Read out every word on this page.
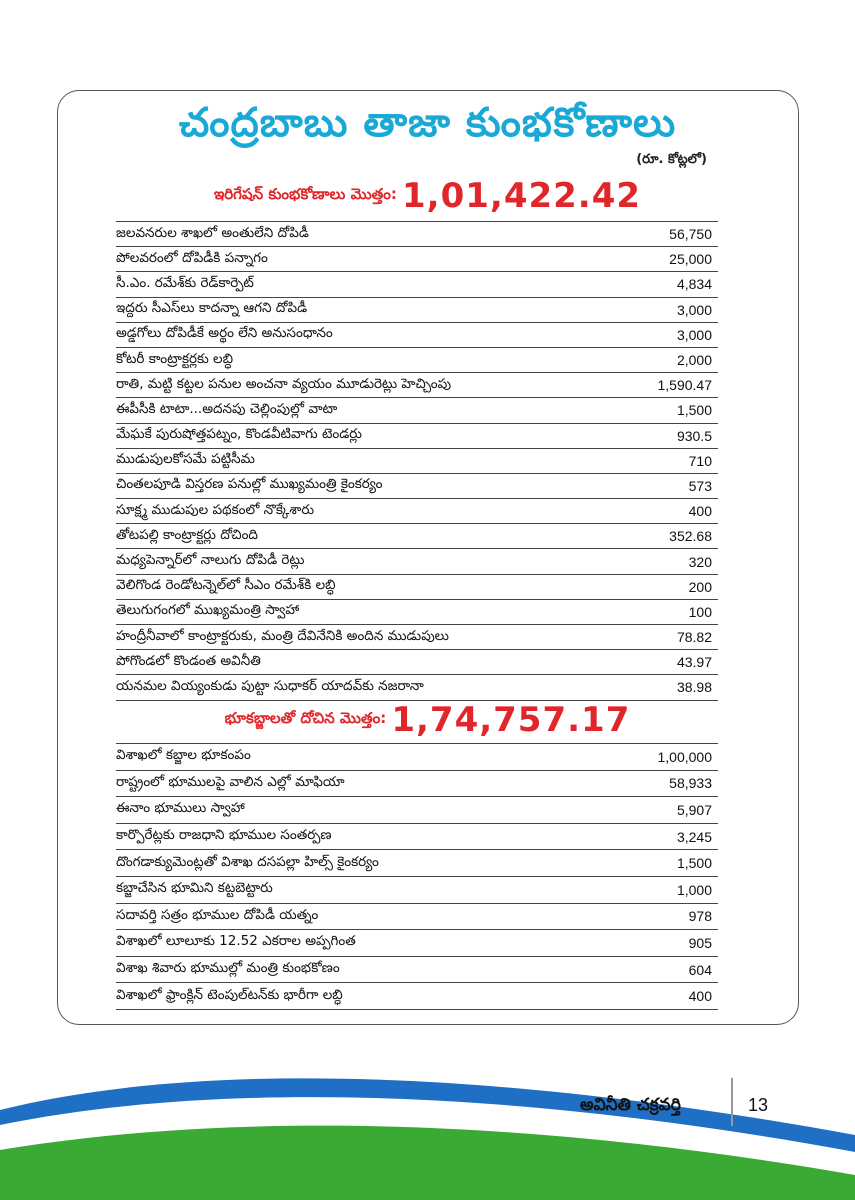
చంద్రబాబు తాజా కుంభకోణాలు
(రూ. కోట్లలో)
ఇరిగేషన్ కుంభకోణాలు మొత్తం: 1,01,422.42
జలవనరుల శాఖలో అంతులేని దోపిడీ	56,750
పోలవరంలో దోపిడీకి పన్నాగం	25,000
సీ.ఎం. రమేశ్‌కు రెడ్‌కార్పెట్	4,834
ఇద్దరు సీఎస్‌లు కాదన్నా ఆగని దోపిడీ	3,000
అడ్డగోలు దోపిడీకే అర్థం లేని అనుసంధానం	3,000
కోటరీ కాంట్రాక్టర్లకు లబ్ధి	2,000
రాతి, మట్టి కట్టల పనుల అంచనా వ్యయం మూడురెట్లు హెచ్చింపు	1,590.47
ఈపీసీకి టాటా...అదనపు చెల్లింపుల్లో వాటా	1,500
మేఘకే పురుషోత్తపట్నం, కొండవీటివాగు టెండర్లు	930.5
ముడుపులకోసమే పట్టిసీమ	710
చింతలపూడి విస్తరణ పనుల్లో ముఖ్యమంత్రి కైంకర్యం	573
సూక్ష్మ ముడుపుల పథకంలో నొక్కేశారు	400
తోటపల్లి కాంట్రాక్టర్లు దోచింది	352.68
మధ్యపెన్నార్‌లో నాలుగు దోపిడీ రెట్లు	320
వెలిగొండ రెండోటన్నెల్‌లో సీఎం రమేశ్‌కి లబ్ధి	200
తెలుగుగంగలో ముఖ్యమంత్రి స్వాహా	100
హంద్రీనీవాలో కాంట్రాక్టరుకు, మంత్రి దేవినేనికి అందిన ముడుపులు	78.82
పోగొండలో కొండంత అవినీతి	43.97
యనమల వియ్యంకుడు పుట్టా సుధాకర్ యాదవ్‌కు నజరానా	38.98
భూకబ్జాలతో దోచిన మొత్తం: 1,74,757.17
విశాఖలో కబ్జాల భూకంపం	1,00,000
రాష్ట్రంలో భూములపై వాలిన ఎల్లో మాఫియా	58,933
ఈనాం భూములు స్వాహా	5,907
కార్పొరేట్లకు రాజధాని భూముల సంతర్పణ	3,245
దొంగడాక్యుమెంట్లతో విశాఖ దసపల్లా హిల్స్ కైంకర్యం	1,500
కబ్జాచేసిన భూమిని కట్టబెట్టారు	1,000
సదావర్తి సత్రం భూముల దోపిడీ యత్నం	978
విశాఖలో లూలూకు 12.52 ఎకరాల అప్పగింత	905
విశాఖ శివారు భూముల్లో మంత్రి కుంభకోణం	604
విశాఖలో ఫ్రాంక్లిన్ టెంపుల్‌టన్‌కు భారీగా లబ్ధి	400
అవినీతి చక్రవర్తి	13
